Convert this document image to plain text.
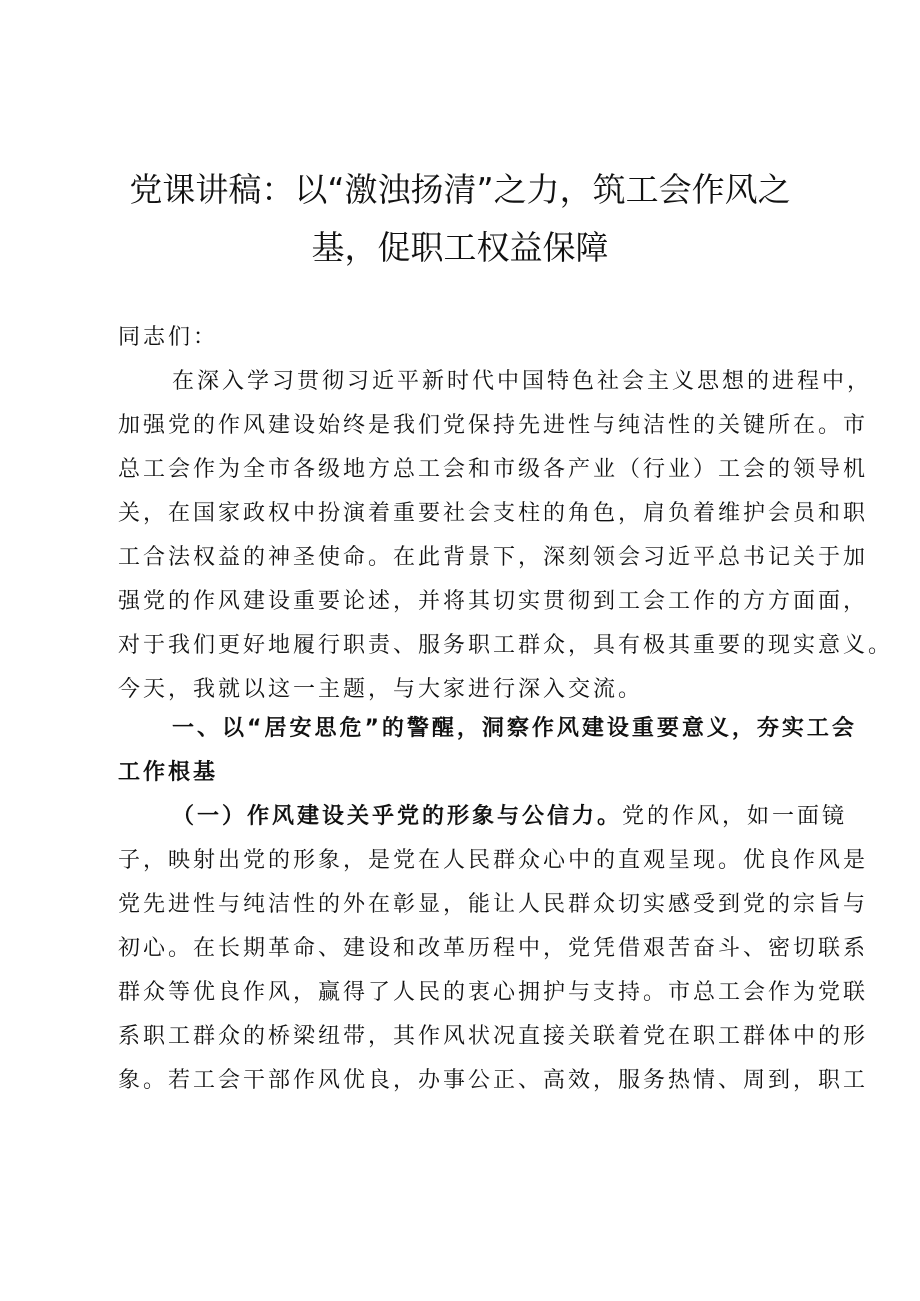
党课讲稿：以“激浊扬清”之力，筑工会作风之
基，促职工权益保障
同志们：
在深入学习贯彻习近平新时代中国特色社会主义思想的进程中，
加强党的作风建设始终是我们党保持先进性与纯洁性的关键所在。市
总工会作为全市各级地方总工会和市级各产业（行业）工会的领导机
关，在国家政权中扮演着重要社会支柱的角色，肩负着维护会员和职
工合法权益的神圣使命。在此背景下，深刻领会习近平总书记关于加
强党的作风建设重要论述，并将其切实贯彻到工会工作的方方面面，
对于我们更好地履行职责、服务职工群众，具有极其重要的现实意义。
今天，我就以这一主题，与大家进行深入交流。
一、以“居安思危”的警醒，洞察作风建设重要意义，夯实工会
工作根基
（一）作风建设关乎党的形象与公信力。党的作风，如一面镜
子，映射出党的形象，是党在人民群众心中的直观呈现。优良作风是
党先进性与纯洁性的外在彰显，能让人民群众切实感受到党的宗旨与
初心。在长期革命、建设和改革历程中，党凭借艰苦奋斗、密切联系
群众等优良作风，赢得了人民的衷心拥护与支持。市总工会作为党联
系职工群众的桥梁纽带，其作风状况直接关联着党在职工群体中的形
象。若工会干部作风优良，办事公正、高效，服务热情、周到，职工
